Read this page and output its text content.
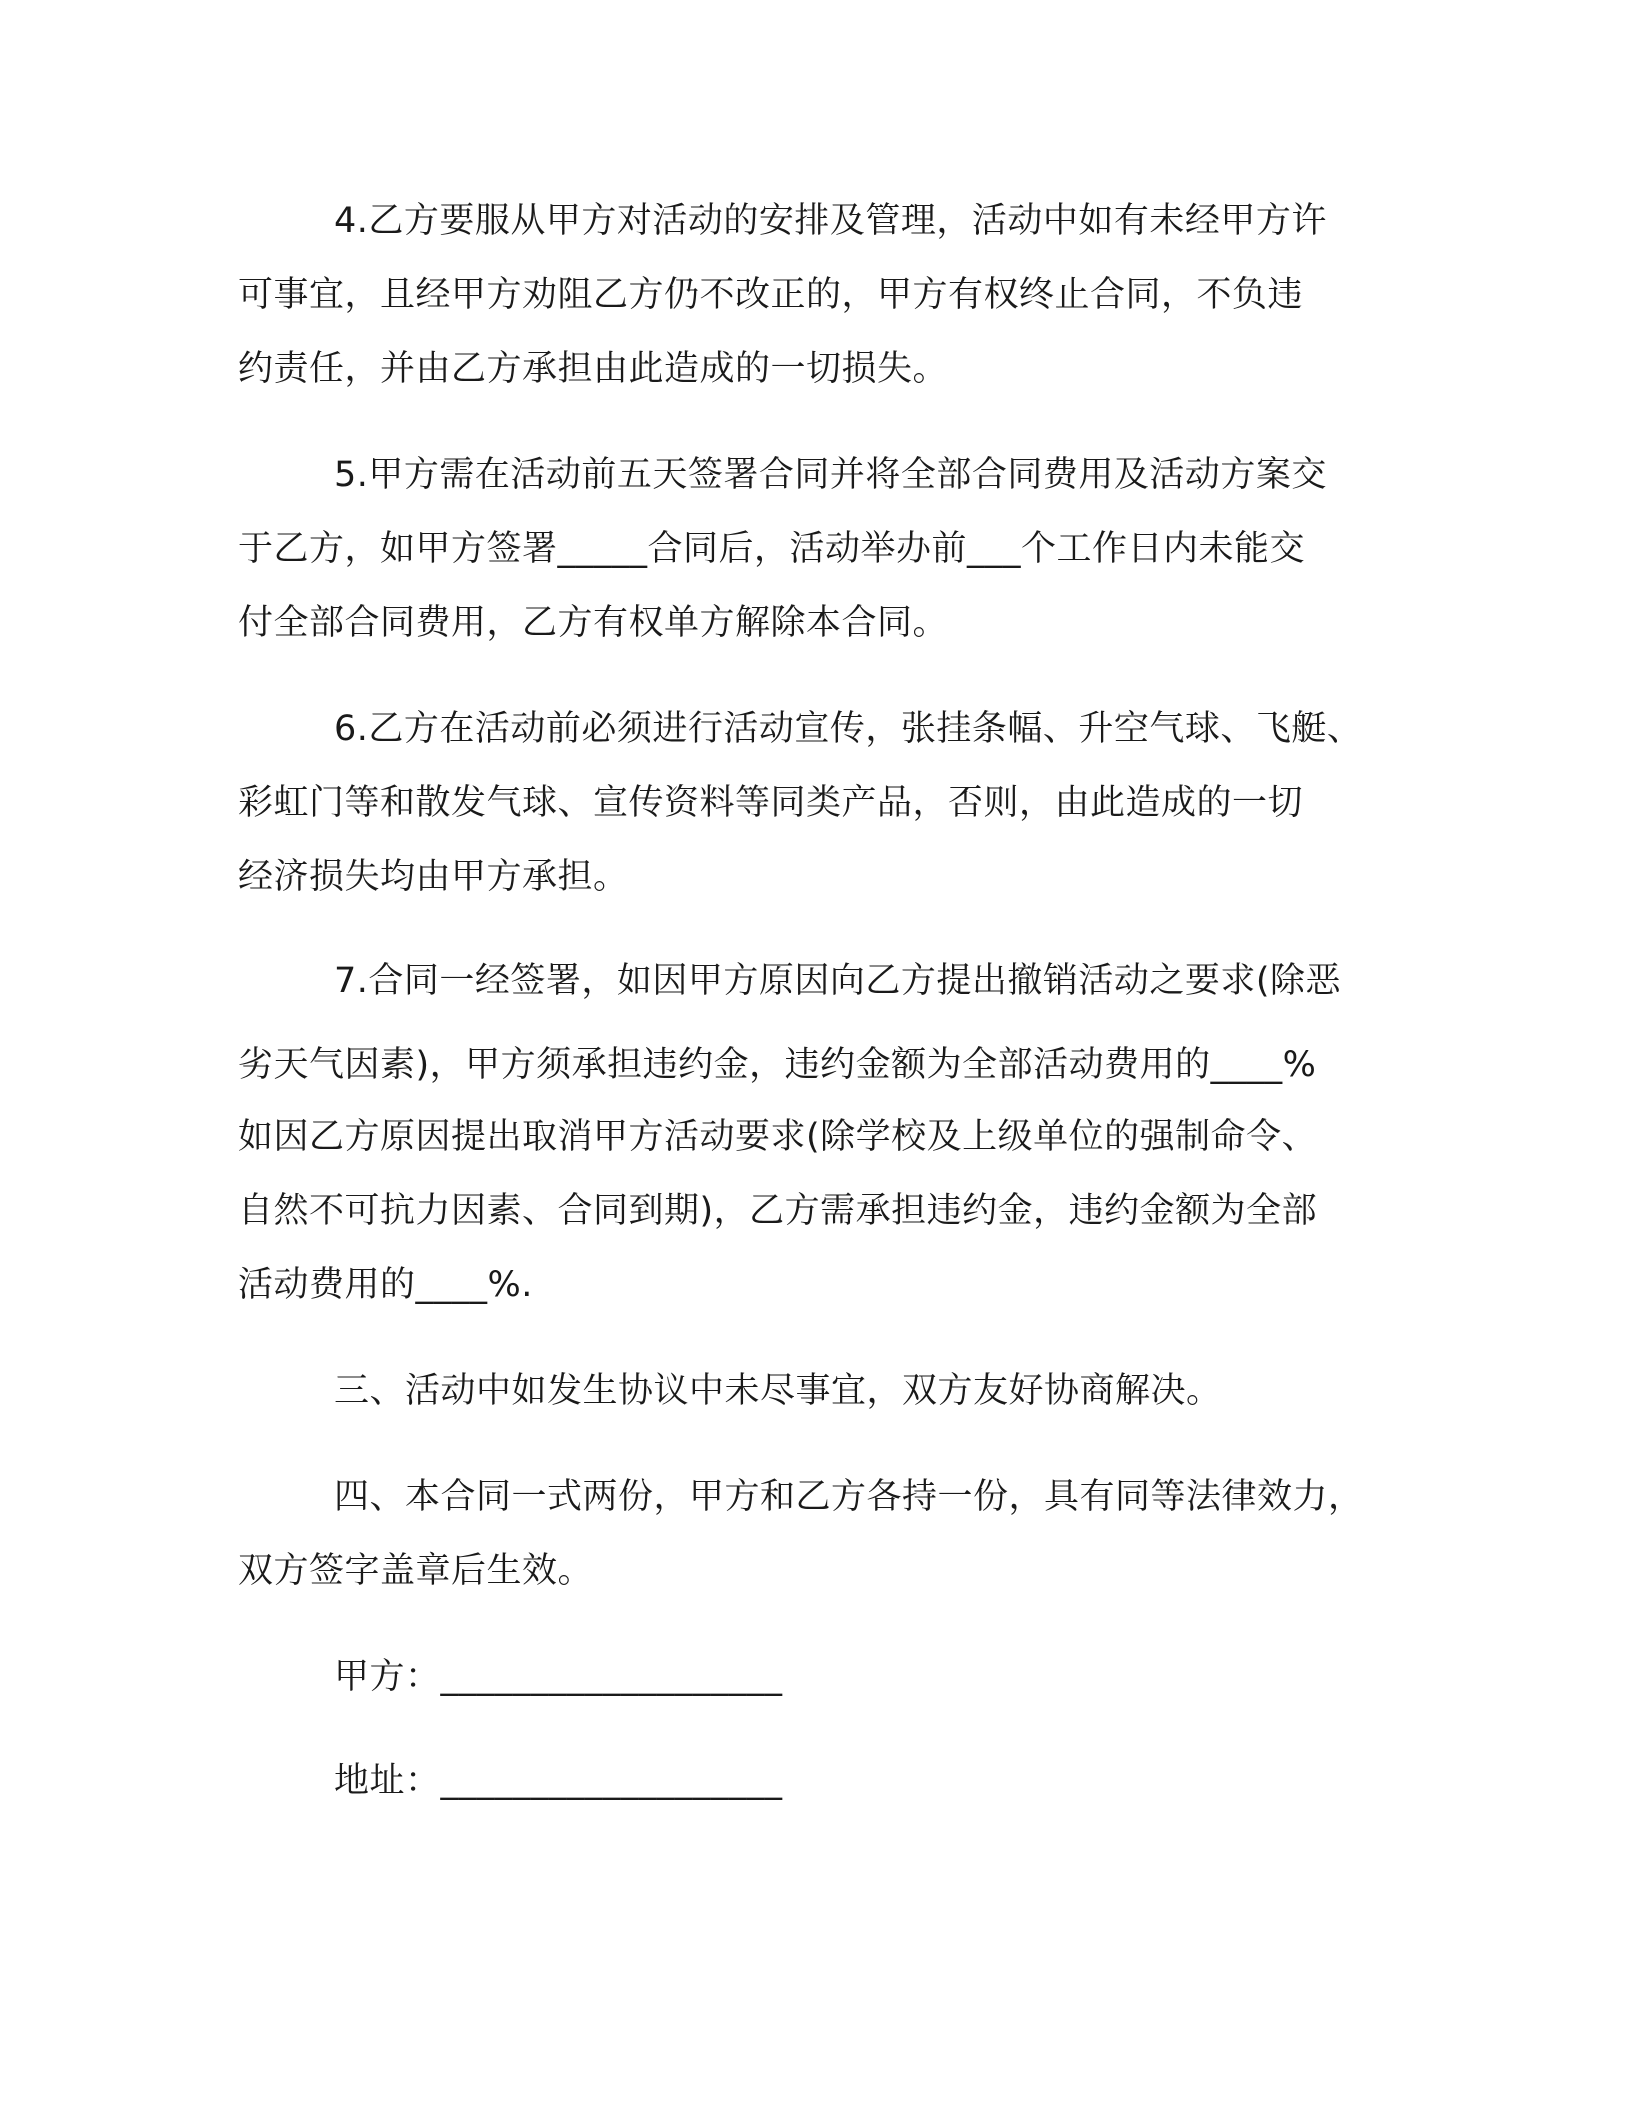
4.乙方要服从甲方对活动的安排及管理，活动中如有未经甲方许
可事宜，且经甲方劝阻乙方仍不改正的，甲方有权终止合同，不负违
约责任，并由乙方承担由此造成的一切损失。
5.甲方需在活动前五天签署合同并将全部合同费用及活动方案交
于乙方，如甲方签署_____合同后，活动举办前___个工作日内未能交
付全部合同费用，乙方有权单方解除本合同。
6.乙方在活动前必须进行活动宣传，张挂条幅、升空气球、飞艇、
彩虹门等和散发气球、宣传资料等同类产品，否则，由此造成的一切
经济损失均由甲方承担。
7.合同一经签署，如因甲方原因向乙方提出撤销活动之要求(除恶
劣天气因素)，甲方须承担违约金，违约金额为全部活动费用的____%
如因乙方原因提出取消甲方活动要求(除学校及上级单位的强制命令、
自然不可抗力因素、合同到期)，乙方需承担违约金，违约金额为全部
活动费用的____%.
三、活动中如发生协议中未尽事宜，双方友好协商解决。
四、本合同一式两份，甲方和乙方各持一份，具有同等法律效力，
双方签字盖章后生效。
甲方：___________________
地址：___________________
